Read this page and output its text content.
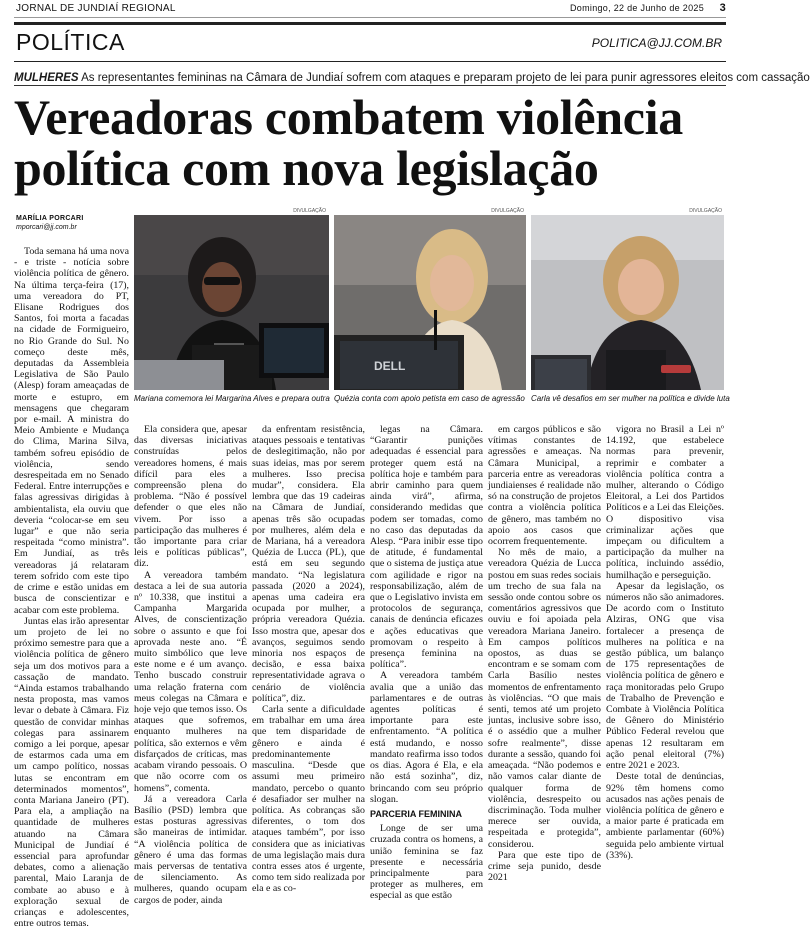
JORNAL DE JUNDIAÍ REGIONAL	Domingo, 22 de Junho de 2025 3
POLÍTICA	POLITICA@JJ.COM.BR
MULHERES As representantes femininas na Câmara de Jundiaí sofrem com ataques e preparam projeto de lei para punir agressores eleitos com cassação
Vereadoras combatem violência
política com nova legislação
MARÍLIA PORCARI
mporcari@jj.com.br
DIVULGAÇÃO
Mariana comemora lei Margarina Alves e prepara outra
DIVULGAÇÃO
DELL
Quézia conta com apoio petista em caso de agressão
DIVULGAÇÃO
Carla vê desafios em ser mulher na política e divide luta

Toda semana há uma nova - e triste - notícia sobre violência política de gênero. Na última terça-feira (17), uma vereadora do PT, Elisane Rodrigues dos Santos, foi morta a facadas na cidade de Formigueiro, no Rio Grande do Sul. No começo deste mês, deputadas da Assembleia Legislativa de São Paulo (Alesp) foram ameaçadas de morte e estupro, em mensagens que chegaram por e-mail. A ministra do Meio Ambiente e Mudança do Clima, Marina Silva, também sofreu episódio de violência, sendo desrespeitada em no Senado Federal. Entre interrupções e falas agressivas dirigidas à ambientalista, ela ouviu que deveria “colocar-se em seu lugar” e que não seria respeitada “como ministra”. Em Jundiaí, as três vereadoras já relataram terem sofrido com este tipo de crime e estão unidas em busca de conscientizar e acabar com este problema.

Juntas elas irão apresentar um projeto de lei no próximo semestre para que a violência política de gênero seja um dos motivos para a cassação de mandato. “Ainda estamos trabalhando nesta proposta, mas vamos levar o debate à Câmara. Fiz questão de convidar minhas colegas para assinarem comigo a lei porque, apesar de estarmos cada uma em um campo político, nossas lutas se encontram em determinados momentos”, conta Mariana Janeiro (PT). Para ela, a ampliação na quantidade de mulheres atuando na Câmara Municipal de Jundiaí é essencial para aprofundar debates, como a alienação parental, Maio Laranja de combate ao abuso e à exploração sexual de crianças e adolescentes, entre outros temas.

Ela considera que, apesar das diversas iniciativas construídas pelos vereadores homens, é mais difícil para eles a compreensão plena do problema. “Não é possível defender o que eles não vivem. Por isso a participação das mulheres é tão importante para criar leis e políticas públicas”, diz.

A vereadora também destaca a lei de sua autoria nº 10.338, que institui a Campanha Margarida Alves, de conscientização sobre o assunto e que foi aprovada neste ano. “É muito simbólico que leve este nome e é um avanço. Tenho buscado construir uma relação fraterna com meus colegas na Câmara e hoje vejo que temos isso. Os ataques que sofremos, enquanto mulheres na política, são externos e vêm disfarçados de críticas, mas acabam virando pessoais. O que não ocorre com os homens”, comenta.

Já a vereadora Carla Basílio (PSD) lembra que estas posturas agressivas são maneiras de intimidar. “A violência política de gênero é uma das formas mais perversas de tentativa de silenciamento. As mulheres, quando ocupam cargos de poder, ainda

da enfrentam resistência, ataques pessoais e tentativas de deslegitimação, não por suas ideias, mas por serem mulheres. Isso precisa mudar”, considera. Ela lembra que das 19 cadeiras na Câmara de Jundiaí, apenas três são ocupadas por mulheres, além dela e de Mariana, há a vereadora Quézia de Lucca (PL), que está em seu segundo mandato. “Na legislatura passada (2020 a 2024), apenas uma cadeira era ocupada por mulher, a própria vereadora Quézia. Isso mostra que, apesar dos avanços, seguimos sendo minoria nos espaços de decisão, e essa baixa representatividade agrava o cenário de violência política”, diz.

Carla sente a dificuldade em trabalhar em uma área que tem disparidade de gênero e ainda é predominantemente masculina. “Desde que assumi meu primeiro mandato, percebo o quanto é desafiador ser mulher na política. As cobranças são diferentes, o tom dos ataques também”, por isso considera que as iniciativas de uma legislação mais dura contra esses atos é urgente, como tem sido realizada por ela e as co-

legas na Câmara. “Garantir punições adequadas é essencial para proteger quem está na política hoje e também para abrir caminho para quem ainda virá”, afirma, considerando medidas que podem ser tomadas, como no caso das deputadas da Alesp. “Para inibir esse tipo de atitude, é fundamental que o sistema de justiça atue com agilidade e rigor na responsabilização, além de que o Legislativo invista em protocolos de segurança, canais de denúncia eficazes e ações educativas que promovam o respeito à presença feminina na política”.

A vereadora também avalia que a união das parlamentares e de outras agentes políticas é importante para este enfrentamento. “A política está mudando, e nosso mandato reafirma isso todos os dias. Agora é Ela, e ela não está sozinha”, diz, brincando com seu próprio slogan.

PARCERIA FEMININA

Longe de ser uma cruzada contra os homens, a união feminina se faz presente e necessária principalmente para proteger as mulheres, em especial as que estão

em cargos públicos e são vítimas constantes de agressões e ameaças. Na Câmara Municipal, a parceria entre as vereadoras jundiaienses é realidade não só na construção de projetos contra a violência política de gênero, mas também no apoio aos casos que ocorrem frequentemente.

No mês de maio, a vereadora Quézia de Lucca postou em suas redes sociais um trecho de sua fala na sessão onde contou sobre os comentários agressivos que ouviu e foi apoiada pela vereadora Mariana Janeiro. Em campos políticos opostos, as duas se encontram e se somam com Carla Basílio nestes momentos de enfrentamento às violências. “O que mais senti, temos até um projeto juntas, inclusive sobre isso, é o assédio que a mulher sofre realmente”, disse durante a sessão, quando foi ameaçada. “Não podemos e não vamos calar diante de qualquer forma de violência, desrespeito ou discriminação. Toda mulher merece ser ouvida, respeitada e protegida”, considerou.

Para que este tipo de crime seja punido, desde 2021

vigora no Brasil a Lei nº 14.192, que estabelece normas para prevenir, reprimir e combater a violência política contra a mulher, alterando o Código Eleitoral, a Lei dos Partidos Políticos e a Lei das Eleições. O dispositivo visa criminalizar ações que impeçam ou dificultem a participação da mulher na política, incluindo assédio, humilhação e perseguição.

Apesar da legislação, os números não são animadores. De acordo com o Instituto Alziras, ONG que visa fortalecer a presença de mulheres na política e na gestão pública, um balanço de 175 representações de violência política de gênero e raça monitoradas pelo Grupo de Trabalho de Prevenção e Combate à Violência Política de Gênero do Ministério Público Federal revelou que apenas 12 resultaram em ação penal eleitoral (7%) entre 2021 e 2023.

Deste total de denúncias, 92% têm homens como acusados nas ações penais de violência política de gênero e a maior parte é praticada em ambiente parlamentar (60%) seguida pelo ambiente virtual (33%).
